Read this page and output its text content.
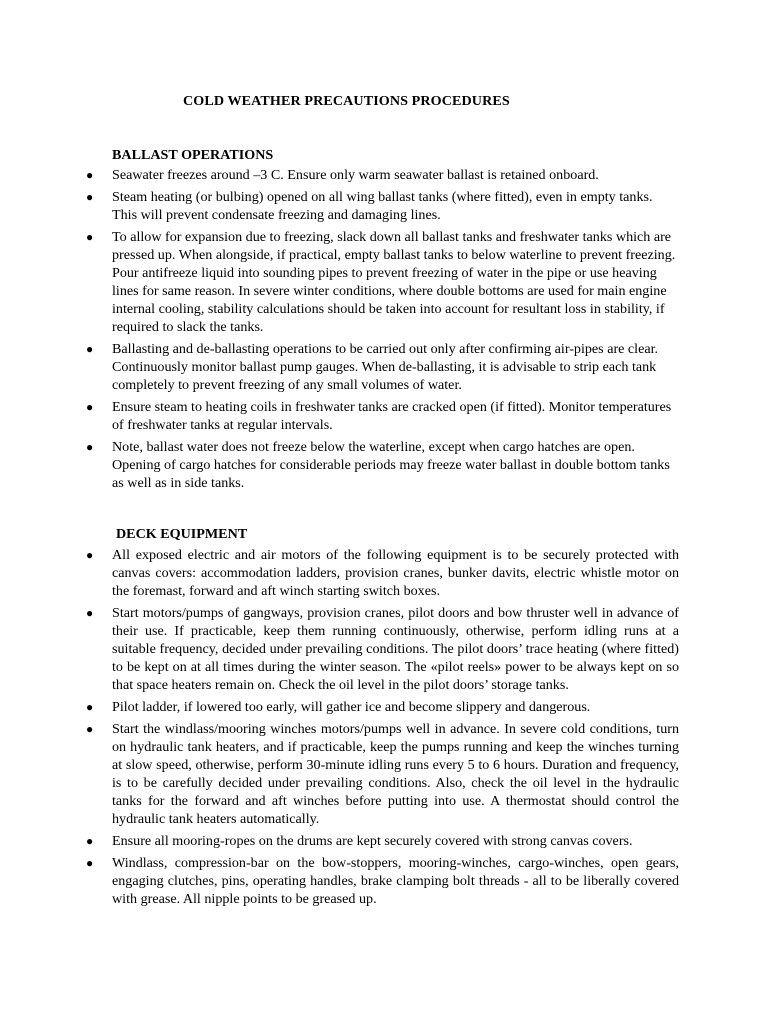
COLD WEATHER PRECAUTIONS PROCEDURES
BALLAST OPERATIONS
● Seawater freezes around –3 C. Ensure only warm seawater ballast is retained onboard.
● Steam heating (or bulbing) opened on all wing ballast tanks (where fitted), even in empty tanks. This will prevent condensate freezing and damaging lines.
● To allow for expansion due to freezing, slack down all ballast tanks and freshwater tanks which are pressed up. When alongside, if practical, empty ballast tanks to below waterline to prevent freezing. Pour antifreeze liquid into sounding pipes to prevent freezing of water in the pipe or use heaving lines for same reason. In severe winter conditions, where double bottoms are used for main engine internal cooling, stability calculations should be taken into account for resultant loss in stability, if required to slack the tanks.
● Ballasting and de-ballasting operations to be carried out only after confirming air-pipes are clear. Continuously monitor ballast pump gauges. When de-ballasting, it is advisable to strip each tank completely to prevent freezing of any small volumes of water.
● Ensure steam to heating coils in freshwater tanks are cracked open (if fitted). Monitor temperatures of freshwater tanks at regular intervals.
● Note, ballast water does not freeze below the waterline, except when cargo hatches are open. Opening of cargo hatches for considerable periods may freeze water ballast in double bottom tanks as well as in side tanks.
DECK EQUIPMENT
● All exposed electric and air motors of the following equipment is to be securely protected with canvas covers: accommodation ladders, provision cranes, bunker davits, electric whistle motor on the foremast, forward and aft winch starting switch boxes.
● Start motors/pumps of gangways, provision cranes, pilot doors and bow thruster well in advance of their use. If practicable, keep them running continuously, otherwise, perform idling runs at a suitable frequency, decided under prevailing conditions. The pilot doors’ trace heating (where fitted) to be kept on at all times during the winter season. The «pilot reels» power to be always kept on so that space heaters remain on. Check the oil level in the pilot doors’ storage tanks.
● Pilot ladder, if lowered too early, will gather ice and become slippery and dangerous.
● Start the windlass/mooring winches motors/pumps well in advance. In severe cold conditions, turn on hydraulic tank heaters, and if practicable, keep the pumps running and keep the winches turning at slow speed, otherwise, perform 30-minute idling runs every 5 to 6 hours. Duration and frequency, is to be carefully decided under prevailing conditions. Also, check the oil level in the hydraulic tanks for the forward and aft winches before putting into use. A thermostat should control the hydraulic tank heaters automatically.
● Ensure all mooring-ropes on the drums are kept securely covered with strong canvas covers.
● Windlass, compression-bar on the bow-stoppers, mooring-winches, cargo-winches, open gears, engaging clutches, pins, operating handles, brake clamping bolt threads - all to be liberally covered with grease. All nipple points to be greased up.
